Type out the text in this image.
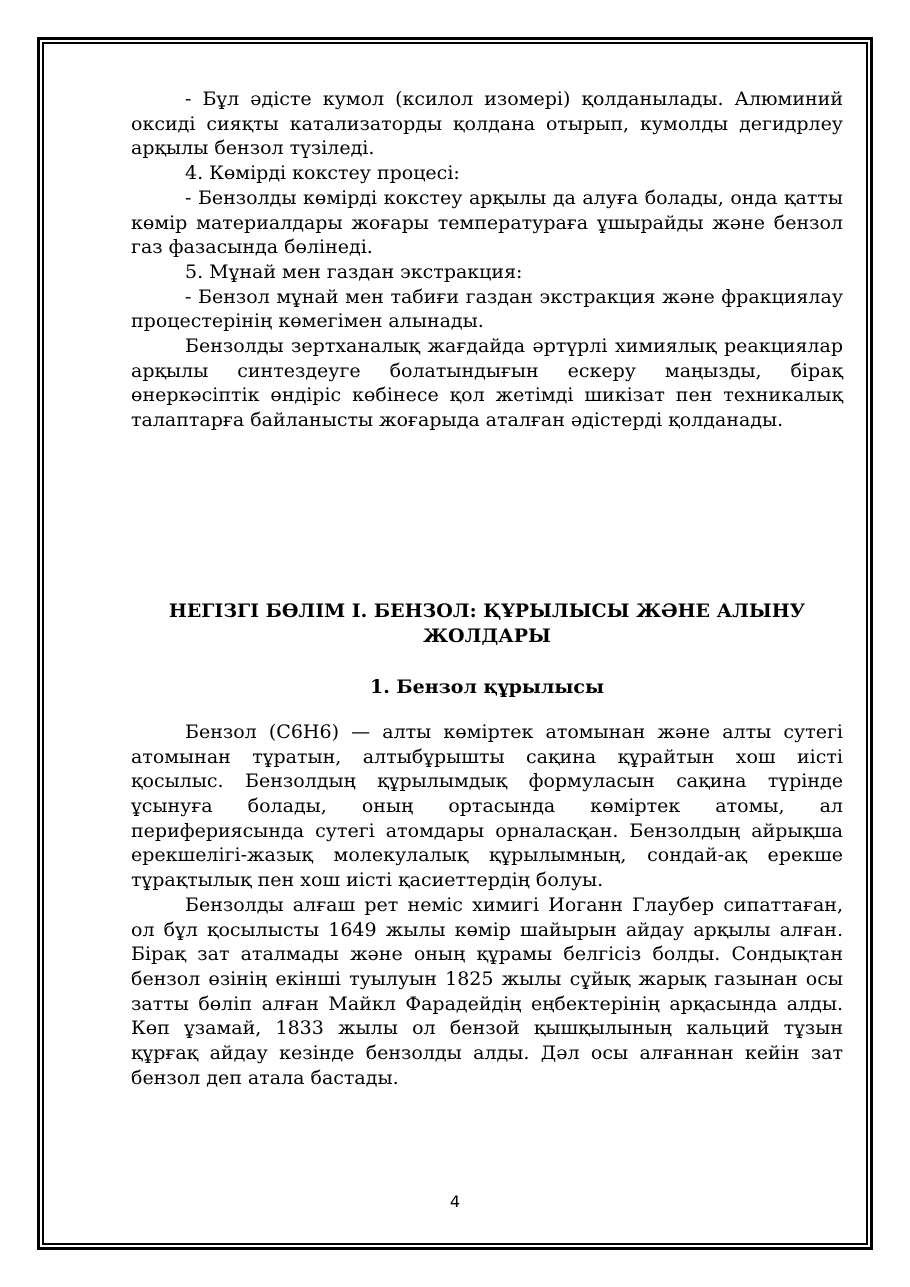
- Бұл әдісте кумол (ксилол изомері) қолданылады. Алюминий оксиді сияқты катализаторды қолдана отырып, кумолды дегидрлеу арқылы бензол түзіледі.

4. Көмірді кокстеу процесі:

- Бензолды көмірді кокстеу арқылы да алуға болады, онда қатты көмір материалдары жоғары температураға ұшырайды және бензол газ фазасында бөлінеді.

5. Мұнай мен газдан экстракция:

- Бензол мұнай мен табиғи газдан экстракция және фракциялау процестерінің көмегімен алынады.

Бензолды зертханалық жағдайда әртүрлі химиялық реакциялар арқылы синтездеуге болатындығын ескеру маңызды, бірақ өнеркәсіптік өндіріс көбінесе қол жетімді шикізат пен техникалық талаптарға байланысты жоғарыда аталған әдістерді қолданады.

НЕГІЗГІ БӨЛІМ І. БЕНЗОЛ: ҚҰРЫЛЫСЫ ЖӘНЕ АЛЫНУ ЖОЛДАРЫ
1. Бензол құрылысы

Бензол (С6Н6) — алты көміртек атомынан және алты сутегі атомынан тұратын, алтыбұрышты сақина құрайтын хош иісті қосылыс. Бензолдың құрылымдық формуласын сақина түрінде ұсынуға болады, оның ортасында көміртек атомы, ал перифериясында сутегі атомдары орналасқан. Бензолдың айрықша ерекшелігі-жазық молекулалық құрылымның, сондай-ақ ерекше тұрақтылық пен хош иісті қасиеттердің болуы.

Бензолды алғаш рет неміс химигі Иоганн Глаубер сипаттаған, ол бұл қосылысты 1649 жылы көмір шайырын айдау арқылы алған. Бірақ зат аталмады және оның құрамы белгісіз болды. Сондықтан бензол өзінің екінші туылуын 1825 жылы сұйық жарық газынан осы затты бөліп алған Майкл Фарадейдің еңбектерінің арқасында алды. Көп ұзамай, 1833 жылы ол бензой қышқылының кальций тұзын құрғақ айдау кезінде бензолды алды. Дәл осы алғаннан кейін зат бензол деп атала бастады.

4
